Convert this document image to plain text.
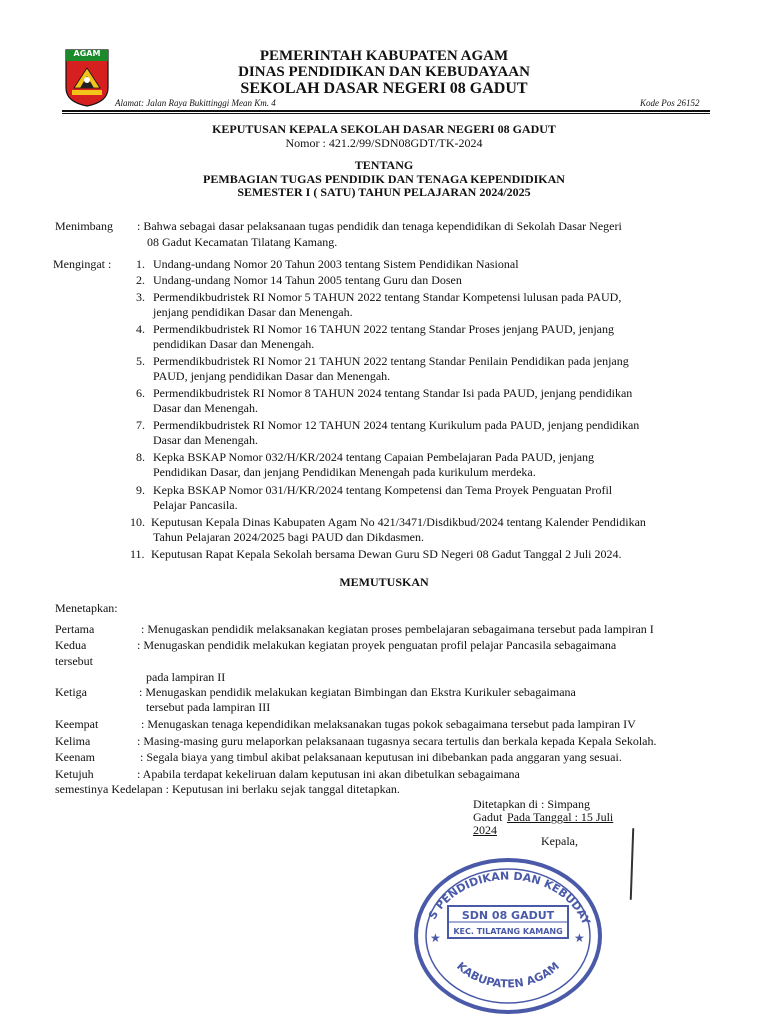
AGAM	PEMERINTAH KABUPATEN AGAM
DINAS PENDIDIKAN DAN KEBUDAYAAN
SEKOLAH DASAR NEGERI 08 GADUT
Alamat: Jalan Raya Bukittinggi Mean Km. 4	Kode Pos 26152
KEPUTUSAN KEPALA SEKOLAH DASAR NEGERI 08 GADUT
Nomor : 421.2/99/SDN08GDT/TK-2024
TENTANG
PEMBAGIAN TUGAS PENDIDIK DAN TENAGA KEPENDIDIKAN
SEMESTER I ( SATU) TAHUN PELAJARAN 2024/2025
Menimbang : Bahwa sebagai dasar pelaksanaan tugas pendidik dan tenaga kependidikan di Sekolah Dasar Negeri
08 Gadut Kecamatan Tilatang Kamang.
Mengingat : 1. Undang-undang Nomor 20 Tahun 2003 tentang Sistem Pendidikan Nasional
2. Undang-undang Nomor 14 Tahun 2005 tentang Guru dan Dosen
3. Permendikbudristek RI Nomor 5 TAHUN 2022 tentang Standar Kompetensi lulusan pada PAUD,
jenjang pendidikan Dasar dan Menengah.
4. Permendikbudristek RI Nomor 16 TAHUN 2022 tentang Standar Proses jenjang PAUD, jenjang
pendidikan Dasar dan Menengah.
5. Permendikbudristek RI Nomor 21 TAHUN 2022 tentang Standar Penilain Pendidikan pada jenjang
PAUD, jenjang pendidikan Dasar dan Menengah.
6. Permendikbudristek RI Nomor 8 TAHUN 2024 tentang Standar Isi pada PAUD, jenjang pendidikan
Dasar dan Menengah.
7. Permendikbudristek RI Nomor 12 TAHUN 2024 tentang Kurikulum pada PAUD, jenjang pendidikan
Dasar dan Menengah.
8. Kepka BSKAP Nomor 032/H/KR/2024 tentang Capaian Pembelajaran Pada PAUD, jenjang
Pendidikan Dasar, dan jenjang Pendidikan Menengah pada kurikulum merdeka.
9. Kepka BSKAP Nomor 031/H/KR/2024 tentang Kompetensi dan Tema Proyek Penguatan Profil
Pelajar Pancasila.
10. Keputusan Kepala Dinas Kabupaten Agam No 421/3471/Disdikbud/2024 tentang Kalender Pendidikan
Tahun Pelajaran 2024/2025 bagi PAUD dan Dikdasmen.
11. Keputusan Rapat Kepala Sekolah bersama Dewan Guru SD Negeri 08 Gadut Tanggal 2 Juli 2024.
MEMUTUSKAN
Menetapkan:
Pertama	: Menugaskan pendidik melaksanakan kegiatan proses pembelajaran sebagaimana tersebut pada lampiran I
Kedua	: Menugaskan pendidik melakukan kegiatan proyek penguatan profil pelajar Pancasila sebagaimana
tersebut
pada lampiran II
Ketiga	: Menugaskan pendidik melakukan kegiatan Bimbingan dan Ekstra Kurikuler sebagaimana
tersebut pada lampiran III
Keempat	: Menugaskan tenaga kependidikan melaksanakan tugas pokok sebagaimana tersebut pada lampiran IV
Kelima	: Masing-masing guru melaporkan pelaksanaan tugasnya secara tertulis dan berkala kepada Kepala Sekolah.
Keenam	: Segala biaya yang timbul akibat pelaksanaan keputusan ini dibebankan pada anggaran yang sesuai.
Ketujuh	: Apabila terdapat kekeliruan dalam keputusan ini akan dibetulkan sebagaimana
semestinya Kedelapan : Keputusan ini berlaku sejak tanggal ditetapkan.
Ditetapkan di : Simpang
Gadut Pada Tanggal : 15 Juli
2024
Kepala,
S PENDIDIKAN DAN KEBUDAY
KABUPATEN AGAM
SDN 08 GADUT
KEC. TILATANG KAMANG
★	★
